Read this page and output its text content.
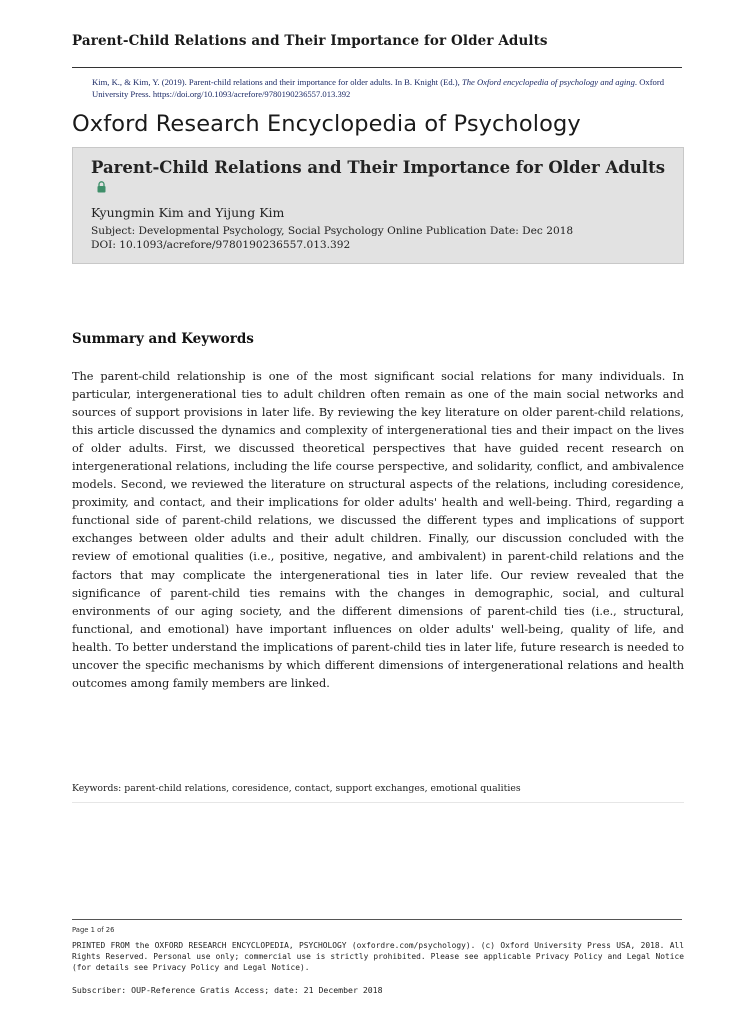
Parent-Child Relations and Their Importance for Older Adults
Kim, K., & Kim, Y. (2019). Parent-child relations and their importance for older adults. In B. Knight (Ed.), The Oxford encyclopedia of psychology and aging. Oxford University Press. https://doi.org/10.1093/acrefore/9780190236557.013.392
Oxford Research Encyclopedia of Psychology
Parent-Child Relations and Their Importance for Older Adults
Kyungmin Kim and Yijung Kim
Subject: Developmental Psychology, Social Psychology Online Publication Date: Dec 2018
DOI: 10.1093/acrefore/9780190236557.013.392
Summary and Keywords
The parent-child relationship is one of the most significant social relations for many individuals. In particular, intergenerational ties to adult children often remain as one of the main social networks and sources of support provisions in later life. By reviewing the key literature on older parent-child relations, this article discussed the dynamics and complexity of intergenerational ties and their impact on the lives of older adults. First, we discussed theoretical perspectives that have guided recent research on intergenerational relations, including the life course perspective, and solidarity, conflict, and ambivalence models. Second, we reviewed the literature on structural aspects of the relations, including coresidence, proximity, and contact, and their implications for older adults' health and well-being. Third, regarding a functional side of parent-child relations, we discussed the different types and implications of support exchanges between older adults and their adult children. Finally, our discussion concluded with the review of emotional qualities (i.e., positive, negative, and ambivalent) in parent-child relations and the factors that may complicate the intergenerational ties in later life. Our review revealed that the significance of parent-child ties remains with the changes in demographic, social, and cultural environments of our aging society, and the different dimensions of parent-child ties (i.e., structural, functional, and emotional) have important influences on older adults' well-being, quality of life, and health. To better understand the implications of parent-child ties in later life, future research is needed to uncover the specific mechanisms by which different dimensions of intergenerational relations and health outcomes among family members are linked.
Keywords: parent-child relations, coresidence, contact, support exchanges, emotional qualities
Page 1 of 26
PRINTED FROM the OXFORD RESEARCH ENCYCLOPEDIA, PSYCHOLOGY (oxfordre.com/psychology). (c) Oxford University Press USA, 2018. All Rights Reserved. Personal use only; commercial use is strictly prohibited. Please see applicable Privacy Policy and Legal Notice (for details see Privacy Policy and Legal Notice).
Subscriber: OUP-Reference Gratis Access; date: 21 December 2018
